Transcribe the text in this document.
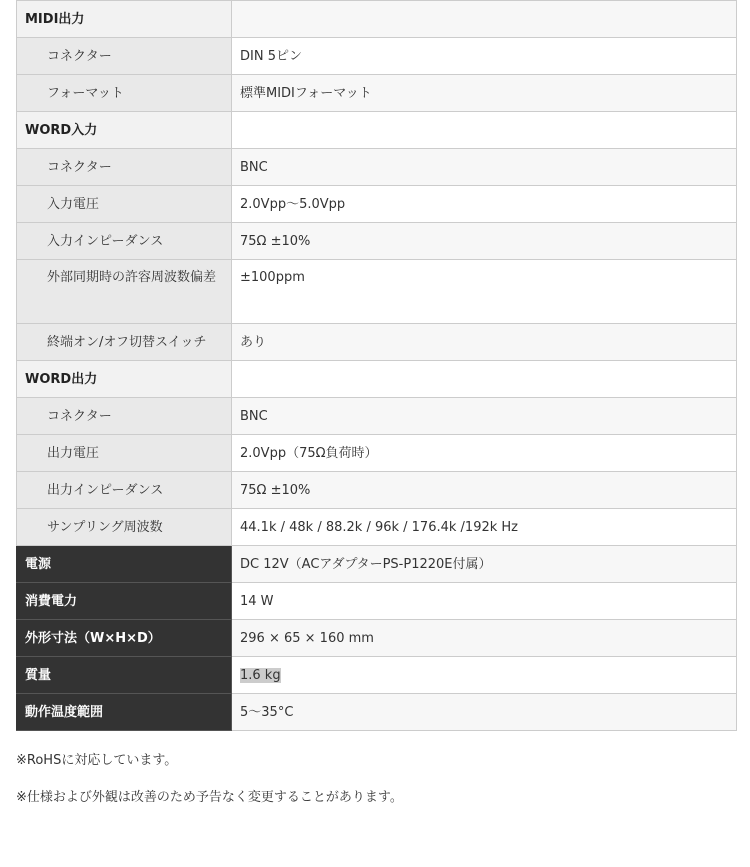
MIDI出力	
コネクター	DIN 5ピン
フォーマット	標準MIDIフォーマット
WORD入力	
コネクター	BNC
入力電圧	2.0Vpp〜5.0Vpp
入力インピーダンス	75Ω ±10%
外部同期時の許容周波数偏差	±100ppm
終端オン/オフ切替スイッチ	あり
WORD出力	
コネクター	BNC
出力電圧	2.0Vpp（75Ω負荷時）
出力インピーダンス	75Ω ±10%
サンプリング周波数	44.1k / 48k / 88.2k / 96k / 176.4k /192k Hz
電源	DC 12V（ACアダプターPS-P1220E付属）
消費電力	14 W
外形寸法（W×H×D）	296 × 65 × 160 mm
質量	1.6 kg
動作温度範囲	5〜35°C
※RoHSに対応しています。
※仕様および外観は改善のため予告なく変更することがあります。
